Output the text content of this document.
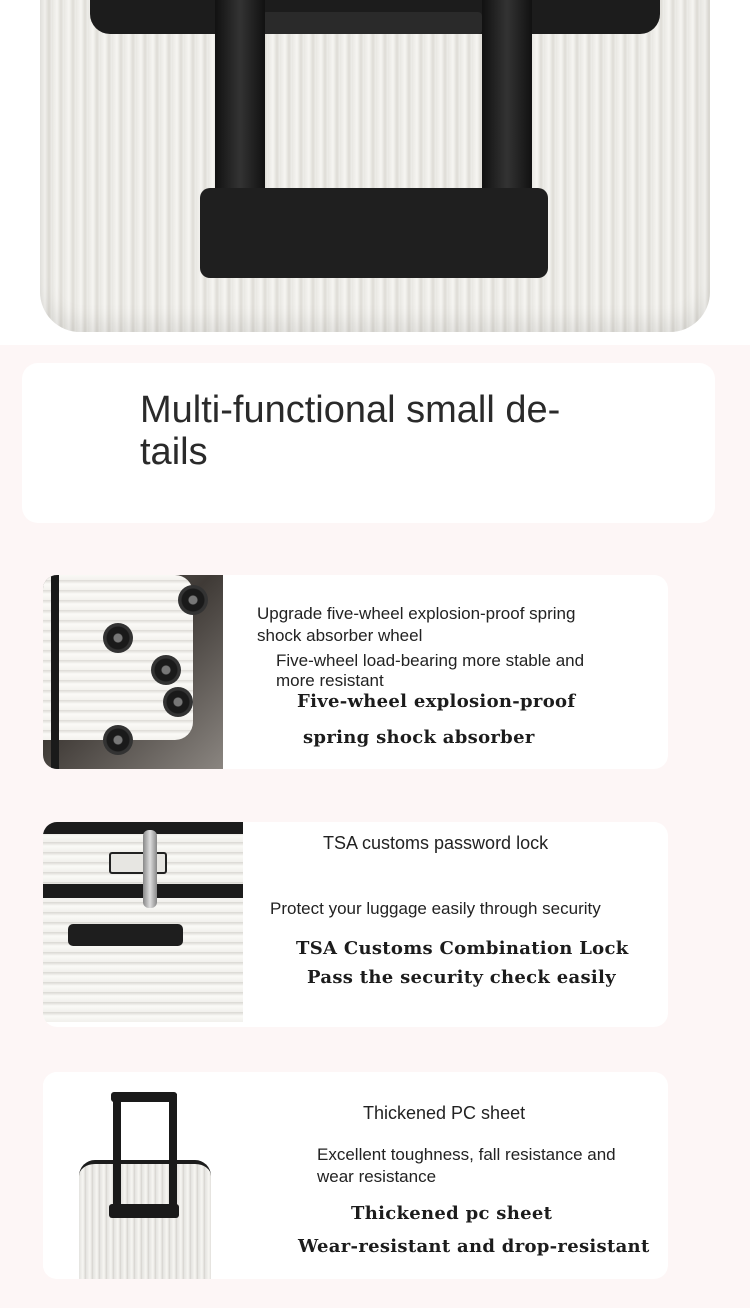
Multi-functional small de-
tails
Upgrade five-wheel explosion-proof spring shock absorber wheel
Five-wheel load-bearing more stable and more resistant
Five-wheel explosion-proof
spring shock absorber
TSA customs password lock
Protect your luggage easily through security
TSA Customs Combination Lock
Pass the security check easily
Thickened PC sheet
Excellent toughness, fall resistance and wear resistance
Thickened pc sheet
Wear-resistant and drop-resistant
